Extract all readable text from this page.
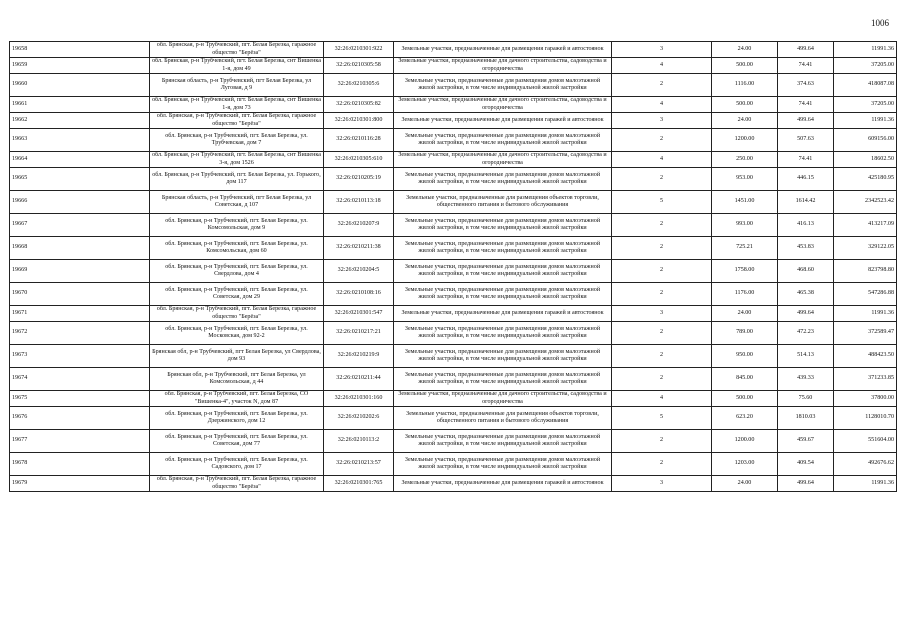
1006
19658	обл. Брянская, р-н Трубчевский, пгт. Белая Березка, гаражное общество "Берёза"	32:26:0210301:922	Земельные участки, предназначенные для размещения гаражей и автостоянок	3	24.00	499.64	11991.36
19659	обл. Брянская, р-н Трубчевский, пгт. Белая Березка, снт Вишенка 1-я, дом 49	32:26:0210305:58	Земельные участки, предназначенные для дачного строительства, садоводства и огородничества	4	500.00	74.41	37205.00
19660	Брянская область, р-н Трубчевский, пгт Белая Березка, ул Луговая, д 9	32:26:0210305:6	Земельные участки, предназначенные для размещения домов малоэтажной жилой застройки, в том числе индивидуальной жилой застройки	2	1116.00	374.63	418087.08
19661	обл. Брянская, р-н Трубчевский, пгт. Белая Березка, снт Вишенка 1-я, дом 73	32:26:0210305:82	Земельные участки, предназначенные для дачного строительства, садоводства и огородничества	4	500.00	74.41	37205.00
19662	обл. Брянская, р-н Трубчевский, пгт. Белая Березка, гаражное общество "Берёза"	32:26:0210301:800	Земельные участки, предназначенные для размещения гаражей и автостоянок	3	24.00	499.64	11991.36
19663	обл. Брянская, р-н Трубчевский, пгт. Белая Березка, ул. Трубчевская, дом 7	32:26:0210116:28	Земельные участки, предназначенные для размещения домов малоэтажной жилой застройки, в том числе индивидуальной жилой застройки	2	1200.00	507.63	609156.00
19664	обл. Брянская, р-н Трубчевский, пгт. Белая Березка, снт Вишенка 3-я, дом 1526	32:26:0210305:610	Земельные участки, предназначенные для дачного строительства, садоводства и огородничества	4	250.00	74.41	18602.50
19665	обл. Брянская, р-н Трубчевский, пгт. Белая Березка, ул. Горького, дом 117	32:26:0210205:19	Земельные участки, предназначенные для размещения домов малоэтажной жилой застройки, в том числе индивидуальной жилой застройки	2	953.00	446.15	425180.95
19666	Брянская область, р-н Трубчевский, пгт Белая Березка, ул Советская, д 107	32:26:0210113:18	Земельные участки, предназначенные для размещения объектов торговли, общественного питания и бытового обслуживания	5	1451.00	1614.42	2342523.42
19667	обл. Брянская, р-н Трубчевский, пгт. Белая Березка, ул. Комсомольская, дом 9	32:26:0210207:9	Земельные участки, предназначенные для размещения домов малоэтажной жилой застройки, в том числе индивидуальной жилой застройки	2	993.00	416.13	413217.09
19668	обл. Брянская, р-н Трубчевский, пгт. Белая Березка, ул. Комсомольская, дом 60	32:26:0210211:38	Земельные участки, предназначенные для размещения домов малоэтажной жилой застройки, в том числе индивидуальной жилой застройки	2	725.21	453.83	329122.05
19669	обл. Брянская, р-н Трубчевский, пгт. Белая Березка, ул. Свердлова, дом 4	32:26:0210204:5	Земельные участки, предназначенные для размещения домов малоэтажной жилой застройки, в том числе индивидуальной жилой застройки	2	1758.00	468.60	823798.80
19670	обл. Брянская, р-н Трубчевский, пгт. Белая Березка, ул. Советская, дом 29	32:26:0210108:16	Земельные участки, предназначенные для размещения домов малоэтажной жилой застройки, в том числе индивидуальной жилой застройки	2	1176.00	465.38	547286.88
19671	обл. Брянская, р-н Трубчевский, пгт. Белая Березка, гаражное общество "Берёза"	32:26:0210301:547	Земельные участки, предназначенные для размещения гаражей и автостоянок	3	24.00	499.64	11991.36
19672	обл. Брянская, р-н Трубчевский, пгт. Белая Березка, ул. Московская, дом 92-2	32:26:0210217:21	Земельные участки, предназначенные для размещения домов малоэтажной жилой застройки, в том числе индивидуальной жилой застройки	2	789.00	472.23	372589.47
19673	Брянская обл, р-н Трубчевский, пгт Белая Березка, ул Свердлова, дом 93	32:26:0210219:9	Земельные участки, предназначенные для размещения домов малоэтажной жилой застройки, в том числе индивидуальной жилой застройки	2	950.00	514.13	488423.50
19674	Брянская обл, р-н Трубчевский, пгт Белая Березка, ул Комсомольская, д 44	32:26:0210211:44	Земельные участки, предназначенные для размещения домов малоэтажной жилой застройки, в том числе индивидуальной жилой застройки	2	845.00	439.33	371233.85
19675	обл. Брянская, р-н Трубчевский, пгт. Белая Березка, СО "Вишенка-4", участок N, дом 87	32:26:0210301:160	Земельные участки, предназначенные для дачного строительства, садоводства и огородничества	4	500.00	75.60	37800.00
19676	обл. Брянская, р-н Трубчевский, пгт. Белая Березка, ул. Дзержинского, дом 12	32:26:0210202:6	Земельные участки, предназначенные для размещения объектов торговли, общественного питания и бытового обслуживания	5	623.20	1810.03	1128010.70
19677	обл. Брянская, р-н Трубчевский, пгт. Белая Березка, ул. Советская, дом 77	32:26:0210113:2	Земельные участки, предназначенные для размещения домов малоэтажной жилой застройки, в том числе индивидуальной жилой застройки	2	1200.00	459.67	551604.00
19678	обл. Брянская, р-н Трубчевский, пгт. Белая Березка, ул. Садовского, дом 17	32:26:0210213:57	Земельные участки, предназначенные для размещения домов малоэтажной жилой застройки, в том числе индивидуальной жилой застройки	2	1203.00	409.54	492676.62
19679	обл. Брянская, р-н Трубчевский, пгт. Белая Березка, гаражное общество "Берёза"	32:26:0210301:765	Земельные участки, предназначенные для размещения гаражей и автостоянок	3	24.00	499.64	11991.36
